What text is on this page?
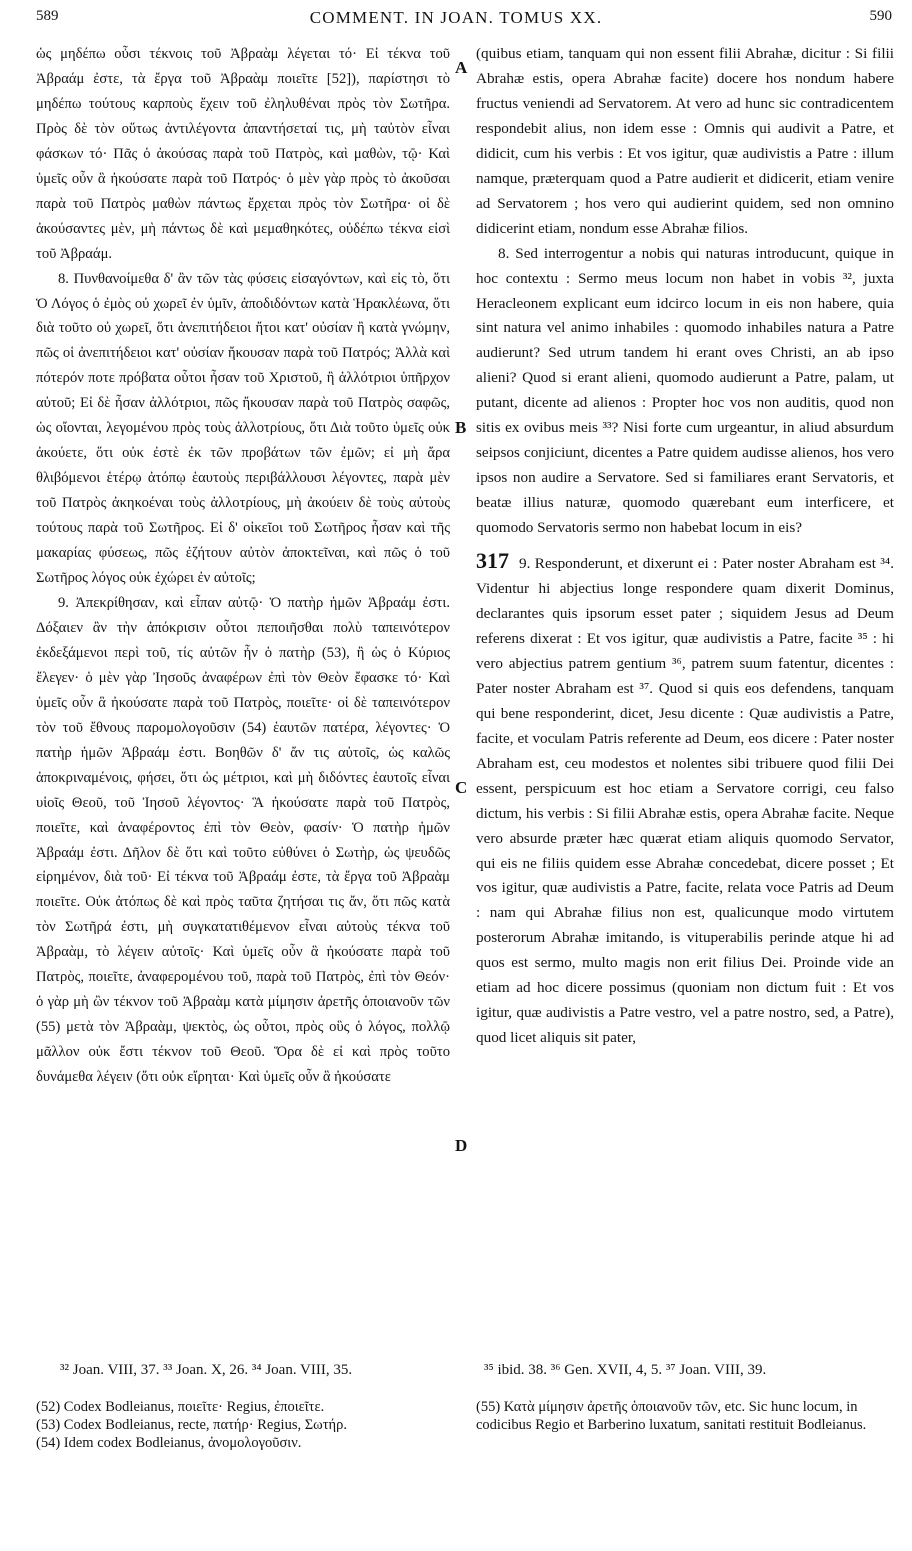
589	COMMENT. IN JOAN. TOMUS XX.	590

ὡς μηδέπω οὖσι τέκνοις τοῦ Ἀβραὰμ λέγεται τό· Εἰ τέκνα τοῦ Ἀβραάμ ἐστε, τὰ ἔργα τοῦ Ἀβραὰμ ποιεῖτε [52]), παρίστησι τὸ μηδέπω τούτους καρποὺς ἔχειν τοῦ ἐληλυθέναι πρὸς τὸν Σωτῆρα. Πρὸς δὲ τὸν οὕτως ἀντιλέγοντα ἀπαντήσεταί τις, μὴ ταὐτὸν εἶναι φάσκων τό· Πᾶς ὁ ἀκούσας παρὰ τοῦ Πατρὸς, καὶ μαθὼν, τῷ· Καὶ ὑμεῖς οὖν ἃ ἠκούσατε παρὰ τοῦ Πατρός· ὁ μὲν γὰρ πρὸς τὸ ἀκοῦσαι παρὰ τοῦ Πατρὸς μαθὼν πάντως ἔρχεται πρὸς τὸν Σωτῆρα· οἱ δὲ ἀκούσαντες μὲν, μὴ πάντως δὲ καὶ μεμαθηκότες, οὐδέπω τέκνα εἰσὶ τοῦ Ἀβραάμ.

8. Πυνθανοίμεθα δ' ἂν τῶν τὰς φύσεις εἰσαγόντων, καὶ εἰς τὸ, ὅτι Ὁ Λόγος ὁ ἐμὸς οὐ χωρεῖ ἐν ὑμῖν, ἀποδιδόντων κατὰ Ἡρακλέωνα, ὅτι διὰ τοῦτο οὐ χωρεῖ, ὅτι ἀνεπιτήδειοι ἤτοι κατ' οὐσίαν ἢ κατὰ γνώμην, πῶς οἱ ἀνεπιτήδειοι κατ' οὐσίαν ἤκουσαν παρὰ τοῦ Πατρός; Ἀλλὰ καὶ πότερόν ποτε πρόβατα οὗτοι ἦσαν τοῦ Χριστοῦ, ἢ ἀλλότριοι ὑπῆρχον αὐτοῦ; Εἰ δὲ ἦσαν ἀλλότριοι, πῶς ἤκουσαν παρὰ τοῦ Πατρὸς σαφῶς, ὡς οἴονται, λεγομένου πρὸς τοὺς ἀλλοτρίους, ὅτι Διὰ τοῦτο ὑμεῖς οὐκ ἀκούετε, ὅτι οὐκ ἐστὲ ἐκ τῶν προβάτων τῶν ἐμῶν; εἰ μὴ ἄρα θλιβόμενοι ἑτέρῳ ἀτόπῳ ἑαυτοὺς περιβάλλουσι λέγοντες, παρὰ μὲν τοῦ Πατρὸς ἀκηκοέναι τοὺς ἀλλοτρίους, μὴ ἀκούειν δὲ τοὺς αὐτοὺς τούτους παρὰ τοῦ Σωτῆρος. Εἰ δ' οἰκεῖοι τοῦ Σωτῆρος ἦσαν καὶ τῆς μακαρίας φύσεως, πῶς ἐζήτουν αὐτὸν ἀποκτεῖναι, καὶ πῶς ὁ τοῦ Σωτῆρος λόγος οὐκ ἐχώρει ἐν αὐτοῖς;

9. Ἀπεκρίθησαν, καὶ εἶπαν αὐτῷ· Ὁ πατὴρ ἡμῶν Ἀβραάμ ἐστι. Δόξαιεν ἂν τὴν ἀπόκρισιν οὗτοι πεποιῆσθαι πολὺ ταπεινότερον ἐκδεξάμενοι περὶ τοῦ, τίς αὐτῶν ἦν ὁ πατὴρ (53), ἢ ὡς ὁ Κύριος ἔλεγεν· ὁ μὲν γὰρ Ἰησοῦς ἀναφέρων ἐπὶ τὸν Θεὸν ἔφασκε τό· Καὶ ὑμεῖς οὖν ἃ ἠκούσατε παρὰ τοῦ Πατρὸς, ποιεῖτε· οἱ δὲ ταπεινότερον τὸν τοῦ ἔθνους παρομολογοῦσιν (54) ἑαυτῶν πατέρα, λέγοντες· Ὁ πατὴρ ἡμῶν Ἀβραάμ ἐστι. Βοηθῶν δ' ἄν τις αὐτοῖς, ὡς καλῶς ἀποκριναμένοις, φήσει, ὅτι ὡς μέτριοι, καὶ μὴ διδόντες ἑαυτοῖς εἶναι υἱοῖς Θεοῦ, τοῦ Ἰησοῦ λέγοντος· Ἃ ἠκούσατε παρὰ τοῦ Πατρὸς, ποιεῖτε, καὶ ἀναφέροντος ἐπὶ τὸν Θεὸν, φασίν· Ὁ πατὴρ ἡμῶν Ἀβραάμ ἐστι. Δῆλον δὲ ὅτι καὶ τοῦτο εὐθύνει ὁ Σωτὴρ, ὡς ψευδῶς εἰρημένον, διὰ τοῦ· Εἰ τέκνα τοῦ Ἀβραάμ ἐστε, τὰ ἔργα τοῦ Ἀβραὰμ ποιεῖτε. Οὐκ ἀτόπως δὲ καὶ πρὸς ταῦτα ζητήσαι τις ἄν, ὅτι πῶς κατὰ τὸν Σωτῆρά ἐστι, μὴ συγκατατιθέμενον εἶναι αὐτοὺς τέκνα τοῦ Ἀβραὰμ, τὸ λέγειν αὐτοῖς· Καὶ ὑμεῖς οὖν ἃ ἠκούσατε παρὰ τοῦ Πατρὸς, ποιεῖτε, ἀναφερομένου τοῦ, παρὰ τοῦ Πατρὸς, ἐπὶ τὸν Θεόν· ὁ γὰρ μὴ ὢν τέκνον τοῦ Ἀβραὰμ κατὰ μίμησιν ἀρετῆς ὁποιανοῦν τῶν (55) μετὰ τὸν Ἀβραὰμ, ψεκτὸς, ὡς οὗτοι, πρὸς οὓς ὁ λόγος, πολλῷ μᾶλλον οὐκ ἔστι τέκνον τοῦ Θεοῦ. Ὅρα δὲ εἰ καὶ πρὸς τοῦτο δυνάμεθα λέγειν (ὅτι οὐκ εἴρηται· Καὶ ὑμεῖς οὖν ἃ ἠκούσατε

A
B
C
D

(quibus etiam, tanquam qui non essent filii Abrahæ, dicitur : Si filii Abrahæ estis, opera Abrahæ facite) docere hos nondum habere fructus veniendi ad Servatorem. At vero ad hunc sic contradicentem respondebit alius, non idem esse : Omnis qui audivit a Patre, et didicit, cum his verbis : Et vos igitur, quæ audivistis a Patre : illum namque, præterquam quod a Patre audierit et didicerit, etiam venire ad Servatorem ; hos vero qui audierint quidem, sed non omnino didicerint etiam, nondum esse Abrahæ filios.

8. Sed interrogentur a nobis qui naturas introducunt, quique in hoc contextu : Sermo meus locum non habet in vobis ³², juxta Heracleonem explicant eum idcirco locum in eis non habere, quia sint natura vel animo inhabiles : quomodo inhabiles natura a Patre audierunt? Sed utrum tandem hi erant oves Christi, an ab ipso alieni? Quod si erant alieni, quomodo audierunt a Patre, palam, ut putant, dicente ad alienos : Propter hoc vos non auditis, quod non sitis ex ovibus meis ³³? Nisi forte cum urgeantur, in aliud absurdum seipsos conjiciunt, dicentes a Patre quidem audisse alienos, hos vero ipsos non audire a Servatore. Sed si familiares erant Servatoris, et beatæ illius naturæ, quomodo quærebant eum interficere, et quomodo Servatoris sermo non habebat locum in eis?

317 9. Responderunt, et dixerunt ei : Pater noster Abraham est ³⁴. Videntur hi abjectius longe respondere quam dixerit Dominus, declarantes quis ipsorum esset pater ; siquidem Jesus ad Deum referens dixerat : Et vos igitur, quæ audivistis a Patre, facite ³⁵ : hi vero abjectius patrem gentium ³⁶, patrem suum fatentur, dicentes : Pater noster Abraham est ³⁷. Quod si quis eos defendens, tanquam qui bene responderint, dicet, Jesu dicente : Quæ audivistis a Patre, facite, et voculam Patris referente ad Deum, eos dicere : Pater noster Abraham est, ceu modestos et nolentes sibi tribuere quod filii Dei essent, perspicuum est hoc etiam a Servatore corrigi, ceu falso dictum, his verbis : Si filii Abrahæ estis, opera Abrahæ facite. Neque vero absurde præter hæc quærat etiam aliquis quomodo Servator, qui eis ne filiis quidem esse Abrahæ concedebat, dicere posset ; Et vos igitur, quæ audivistis a Patre, facite, relata voce Patris ad Deum : nam qui Abrahæ filius non est, qualicunque modo virtutem posterorum Abrahæ imitando, is vituperabilis perinde atque hi ad quos est sermo, multo magis non erit filius Dei. Proinde vide an etiam ad hoc dicere possimus (quoniam non dictum fuit : Et vos igitur, quæ audivistis a Patre vestro, vel a patre nostro, sed, a Patre), quod licet aliquis sit pater,

³² Joan. VIII, 37. ³³ Joan. X, 26. ³⁴ Joan. VIII, 35.	³⁵ ibid. 38. ³⁶ Gen. XVII, 4, 5. ³⁷ Joan. VIII, 39.
(52) Codex Bodleianus, ποιεῖτε· Regius, ἐποιεῖτε.
(53) Codex Bodleianus, recte, πατήρ· Regius, Σωτήρ.
(54) Idem codex Bodleianus, ἀνομολογοῦσιν.
(55) Κατὰ μίμησιν ἀρετῆς ὁποιανοῦν τῶν, etc. Sic hunc locum, in codicibus Regio et Barberino luxatum, sanitati restituit Bodleianus.
